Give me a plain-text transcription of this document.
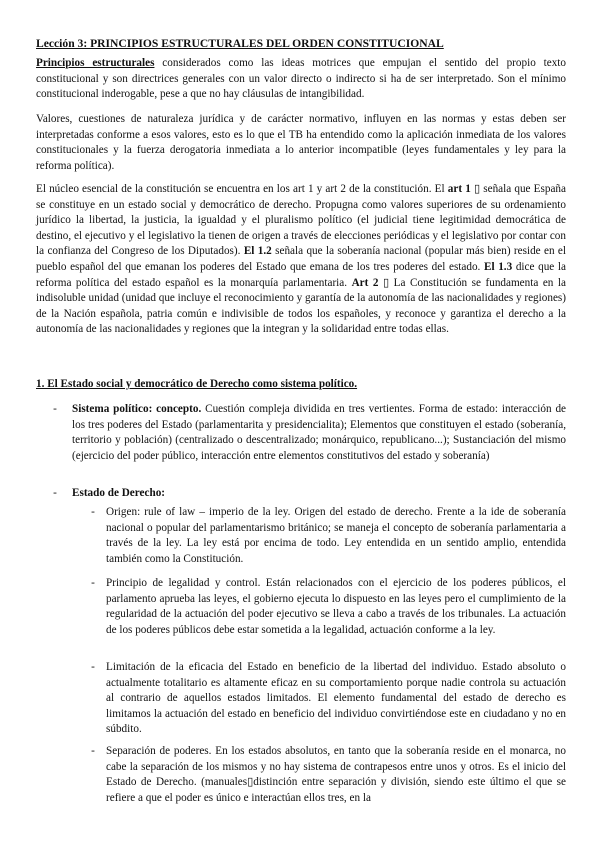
Lección 3: PRINCIPIOS ESTRUCTURALES DEL ORDEN CONSTITUCIONAL

Principios estructurales considerados como las ideas motrices que empujan el sentido del propio texto constitucional y son directrices generales con un valor directo o indirecto si ha de ser interpretado. Son el mínimo constitucional inderogable, pese a que no hay cláusulas de intangibilidad.

Valores, cuestiones de naturaleza jurídica y de carácter normativo, influyen en las normas y estas deben ser interpretadas conforme a esos valores, esto es lo que el TB ha entendido como la aplicación inmediata de los valores constitucionales y la fuerza derogatoria inmediata a lo anterior incompatible (leyes fundamentales y ley para la reforma política).

El núcleo esencial de la constitución se encuentra en los art 1 y art 2 de la constitución. El art 1 ▯ señala que España se constituye en un estado social y democrático de derecho. Propugna como valores superiores de su ordenamiento jurídico la libertad, la justicia, la igualdad y el pluralismo político (el judicial tiene legitimidad democrática de destino, el ejecutivo y el legislativo la tienen de origen a través de elecciones periódicas y el legislativo por contar con la confianza del Congreso de los Diputados). El 1.2 señala que la soberanía nacional (popular más bien) reside en el pueblo español del que emanan los poderes del Estado que emana de los tres poderes del estado. El 1.3 dice que la reforma política del estado español es la monarquía parlamentaria. Art 2 ▯ La Constitución se fundamenta en la indisoluble unidad (unidad que incluye el reconocimiento y garantía de la autonomía de las nacionalidades y regiones) de la Nación española, patria común e indivisible de todos los españoles, y reconoce y garantiza el derecho a la autonomía de las nacionalidades y regiones que la integran y la solidaridad entre todas ellas.

1. El Estado social y democrático de Derecho como sistema político.
-	Sistema político: concepto. Cuestión compleja dividida en tres vertientes. Forma de estado: interacción de los tres poderes del Estado (parlamentarita y presidencialita); Elementos que constituyen el estado (soberanía, territorio y población) (centralizado o descentralizado; monárquico, republicano...); Sustanciación del mismo (ejercicio del poder público, interacción entre elementos constitutivos del estado y soberanía)

-	Estado de Derecho:

- Origen: rule of law – imperio de la ley. Origen del estado de derecho. Frente a la ide de soberanía nacional o popular del parlamentarismo británico; se maneja el concepto de soberanía parlamentaria a través de la ley. La ley está por encima de todo. Ley entendida en un sentido amplio, entendida también como la Constitución.

- Principio de legalidad y control. Están relacionados con el ejercicio de los poderes públicos, el parlamento aprueba las leyes, el gobierno ejecuta lo dispuesto en las leyes pero el cumplimiento de la regularidad de la actuación del poder ejecutivo se lleva a cabo a través de los tribunales. La actuación de los poderes públicos debe estar sometida a la legalidad, actuación conforme a la ley.

- Limitación de la eficacia del Estado en beneficio de la libertad del individuo. Estado absoluto o actualmente totalitario es altamente eficaz en su comportamiento porque nadie controla su actuación al contrario de aquellos estados limitados. El elemento fundamental del estado de derecho es limitamos la actuación del estado en beneficio del individuo convirtiéndose este en ciudadano y no en súbdito.

- Separación de poderes. En los estados absolutos, en tanto que la soberanía reside en el monarca, no cabe la separación de los mismos y no hay sistema de contrapesos entre unos y otros. Es el inicio del Estado de Derecho. (manuales▯distinción entre separación y división, siendo este último el que se refiere a que el poder es único e interactúan ellos tres, en la
